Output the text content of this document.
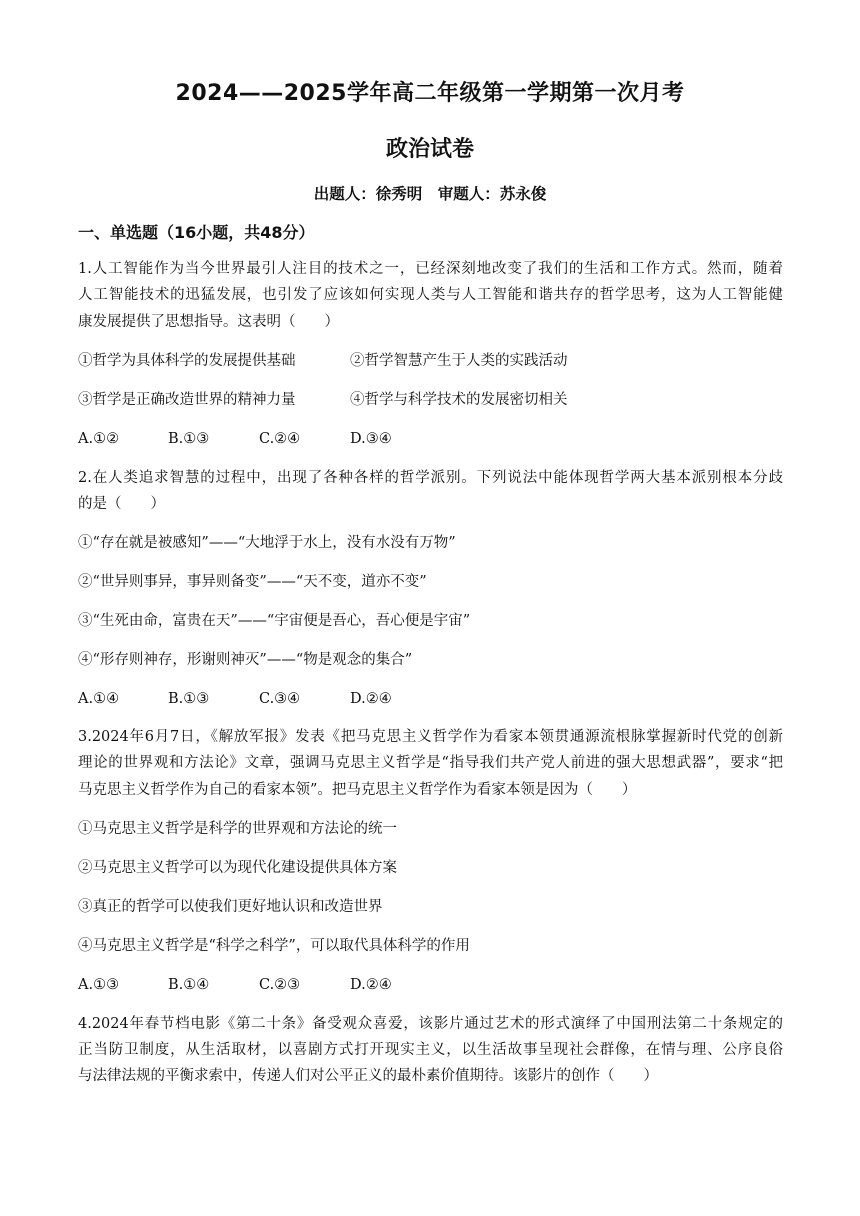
2024——2025学年高二年级第一学期第一次月考
政治试卷
出题人：徐秀明　审题人：苏永俊
一、单选题（16小题，共48分）
1.人工智能作为当今世界最引人注目的技术之一，已经深刻地改变了我们的生活和工作方式。然而，随着
人工智能技术的迅猛发展，也引发了应该如何实现人类与人工智能和谐共存的哲学思考，这为人工智能健
康发展提供了思想指导。这表明（　　）
①哲学为具体科学的发展提供基础	②哲学智慧产生于人类的实践活动
③哲学是正确改造世界的精神力量	④哲学与科学技术的发展密切相关
A.①②	B.①③	C.②④	D.③④
2.在人类追求智慧的过程中，出现了各种各样的哲学派别。下列说法中能体现哲学两大基本派别根本分歧
的是（　　）
①“存在就是被感知”——“大地浮于水上，没有水没有万物”
②“世异则事异，事异则备变”——“天不变，道亦不变”
③“生死由命，富贵在天”——“宇宙便是吾心，吾心便是宇宙”
④“形存则神存，形谢则神灭”——“物是观念的集合”
A.①④	B.①③	C.③④	D.②④
3.2024年6月7日，《解放军报》发表《把马克思主义哲学作为看家本领贯通源流根脉掌握新时代党的创新
理论的世界观和方法论》文章，强调马克思主义哲学是“指导我们共产党人前进的强大思想武器”，要求“把
马克思主义哲学作为自己的看家本领”。把马克思主义哲学作为看家本领是因为（　　）
①马克思主义哲学是科学的世界观和方法论的统一
②马克思主义哲学可以为现代化建设提供具体方案
③真正的哲学可以使我们更好地认识和改造世界
④马克思主义哲学是“科学之科学”，可以取代具体科学的作用
A.①③	B.①④	C.②③	D.②④
4.2024年春节档电影《第二十条》备受观众喜爱，该影片通过艺术的形式演绎了中国刑法第二十条规定的
正当防卫制度，从生活取材，以喜剧方式打开现实主义，以生活故事呈现社会群像，在情与理、公序良俗
与法律法规的平衡求索中，传递人们对公平正义的最朴素价值期待。该影片的创作（　　）
